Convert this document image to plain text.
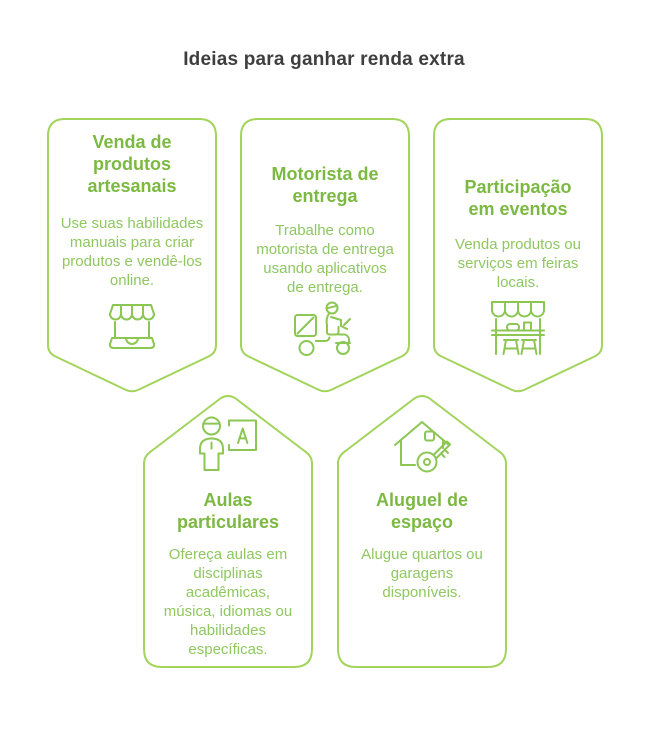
Ideias para ganhar renda extra
Venda de produtos artesanais
Use suas habilidades manuais para criar produtos e vendê-los online.
Motorista de entrega
Trabalhe como motorista de entrega usando aplicativos de entrega.
Participação em eventos
Venda produtos ou serviços em feiras locais.
Aulas particulares
Ofereça aulas em disciplinas acadêmicas, música, idiomas ou habilidades específicas.
Aluguel de espaço
Alugue quartos ou garagens disponíveis.
